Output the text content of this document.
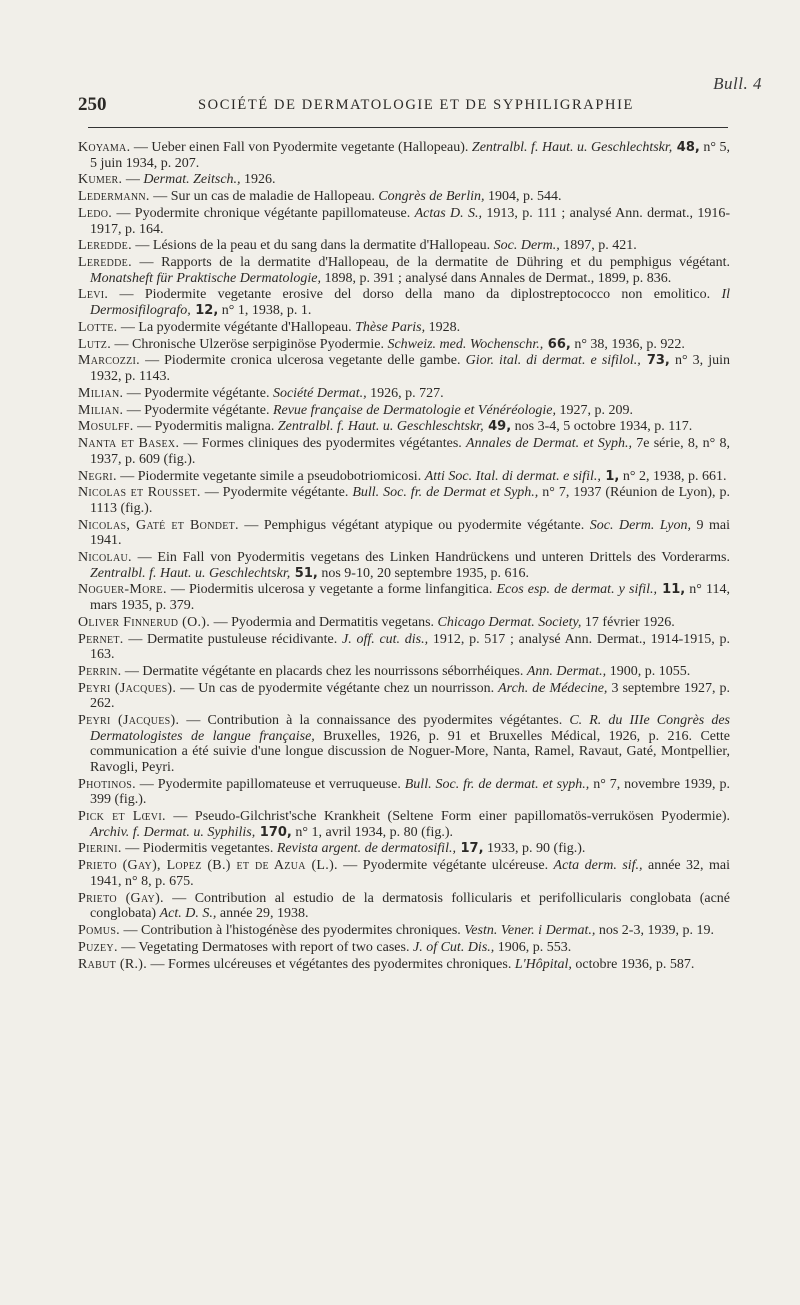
Bull. 4
250	SOCIÉTÉ DE DERMATOLOGIE ET DE SYPHILIGRAPHIE

Koyama. — Ueber einen Fall von Pyodermite vegetante (Hallopeau). Zentralbl. f. Haut. u. Geschlechtskr, 48, n° 5, 5 juin 1934, p. 207.

Kumer. — Dermat. Zeitsch., 1926.

Ledermann. — Sur un cas de maladie de Hallopeau. Congrès de Berlin, 1904, p. 544.

Ledo. — Pyodermite chronique végétante papillomateuse. Actas D. S., 1913, p. 111 ; analysé Ann. dermat., 1916-1917, p. 164.

Leredde. — Lésions de la peau et du sang dans la dermatite d'Hallopeau. Soc. Derm., 1897, p. 421.

Leredde. — Rapports de la dermatite d'Hallopeau, de la dermatite de Dühring et du pemphigus végétant. Monatsheft für Praktische Dermatologie, 1898, p. 391 ; analysé dans Annales de Dermat., 1899, p. 836.

Levi. — Piodermite vegetante erosive del dorso della mano da diplostreptococco non emolitico. Il Dermosifilografo, 12, n° 1, 1938, p. 1.

Lotte. — La pyodermite végétante d'Hallopeau. Thèse Paris, 1928.

Lutz. — Chronische Ulzeröse serpiginöse Pyodermie. Schweiz. med. Wochenschr., 66, n° 38, 1936, p. 922.

Marcozzi. — Piodermite cronica ulcerosa vegetante delle gambe. Gior. ital. di dermat. e sifilol., 73, n° 3, juin 1932, p. 1143.

Milian. — Pyodermite végétante. Société Dermat., 1926, p. 727.

Milian. — Pyodermite végétante. Revue française de Dermatologie et Vénéréologie, 1927, p. 209.

Mosulff. — Pyodermitis maligna. Zentralbl. f. Haut. u. Geschleschtskr, 49, nos 3-4, 5 octobre 1934, p. 117.

Nanta et Basex. — Formes cliniques des pyodermites végétantes. Annales de Dermat. et Syph., 7e série, 8, n° 8, 1937, p. 609 (fig.).

Negri. — Piodermite vegetante simile a pseudobotriomicosi. Atti Soc. Ital. di dermat. e sifil., 1, n° 2, 1938, p. 661.

Nicolas et Rousset. — Pyodermite végétante. Bull. Soc. fr. de Dermat et Syph., n° 7, 1937 (Réunion de Lyon), p. 1113 (fig.).

Nicolas, Gaté et Bondet. — Pemphigus végétant atypique ou pyodermite végétante. Soc. Derm. Lyon, 9 mai 1941.

Nicolau. — Ein Fall von Pyodermitis vegetans des Linken Handrückens und unteren Drittels des Vorderarms. Zentralbl. f. Haut. u. Geschlechtskr, 51, nos 9-10, 20 septembre 1935, p. 616.

Noguer-More. — Piodermitis ulcerosa y vegetante a forme linfangitica. Ecos esp. de dermat. y sifil., 11, n° 114, mars 1935, p. 379.

Oliver Finnerud (O.). — Pyodermia and Dermatitis vegetans. Chicago Dermat. Society, 17 février 1926.

Pernet. — Dermatite pustuleuse récidivante. J. off. cut. dis., 1912, p. 517 ; analysé Ann. Dermat., 1914-1915, p. 163.

Perrin. — Dermatite végétante en placards chez les nourrissons séborrhéiques. Ann. Dermat., 1900, p. 1055.

Peyri (Jacques). — Un cas de pyodermite végétante chez un nourrisson. Arch. de Médecine, 3 septembre 1927, p. 262.

Peyri (Jacques). — Contribution à la connaissance des pyodermites végétantes. C. R. du IIIe Congrès des Dermatologistes de langue française, Bruxelles, 1926, p. 91 et Bruxelles Médical, 1926, p. 216. Cette communication a été suivie d'une longue discussion de Noguer-More, Nanta, Ramel, Ravaut, Gaté, Montpellier, Ravogli, Peyri.

Photinos. — Pyodermite papillomateuse et verruqueuse. Bull. Soc. fr. de dermat. et syph., n° 7, novembre 1939, p. 399 (fig.).

Pick et Lœvi. — Pseudo-Gilchrist'sche Krankheit (Seltene Form einer papillomatös-verrukösen Pyodermie). Archiv. f. Dermat. u. Syphilis, 170, n° 1, avril 1934, p. 80 (fig.).

Pierini. — Piodermitis vegetantes. Revista argent. de dermatosifil., 17, 1933, p. 90 (fig.).

Prieto (Gay), Lopez (B.) et de Azua (L.). — Pyodermite végétante ulcéreuse. Acta derm. sif., année 32, mai 1941, n° 8, p. 675.

Prieto (Gay). — Contribution al estudio de la dermatosis follicularis et perifollicularis conglobata (acné conglobata) Act. D. S., année 29, 1938.

Pomus. — Contribution à l'histogénèse des pyodermites chroniques. Vestn. Vener. i Dermat., nos 2-3, 1939, p. 19.

Puzey. — Vegetating Dermatoses with report of two cases. J. of Cut. Dis., 1906, p. 553.

Rabut (R.). — Formes ulcéreuses et végétantes des pyodermites chroniques. L'Hôpital, octobre 1936, p. 587.
